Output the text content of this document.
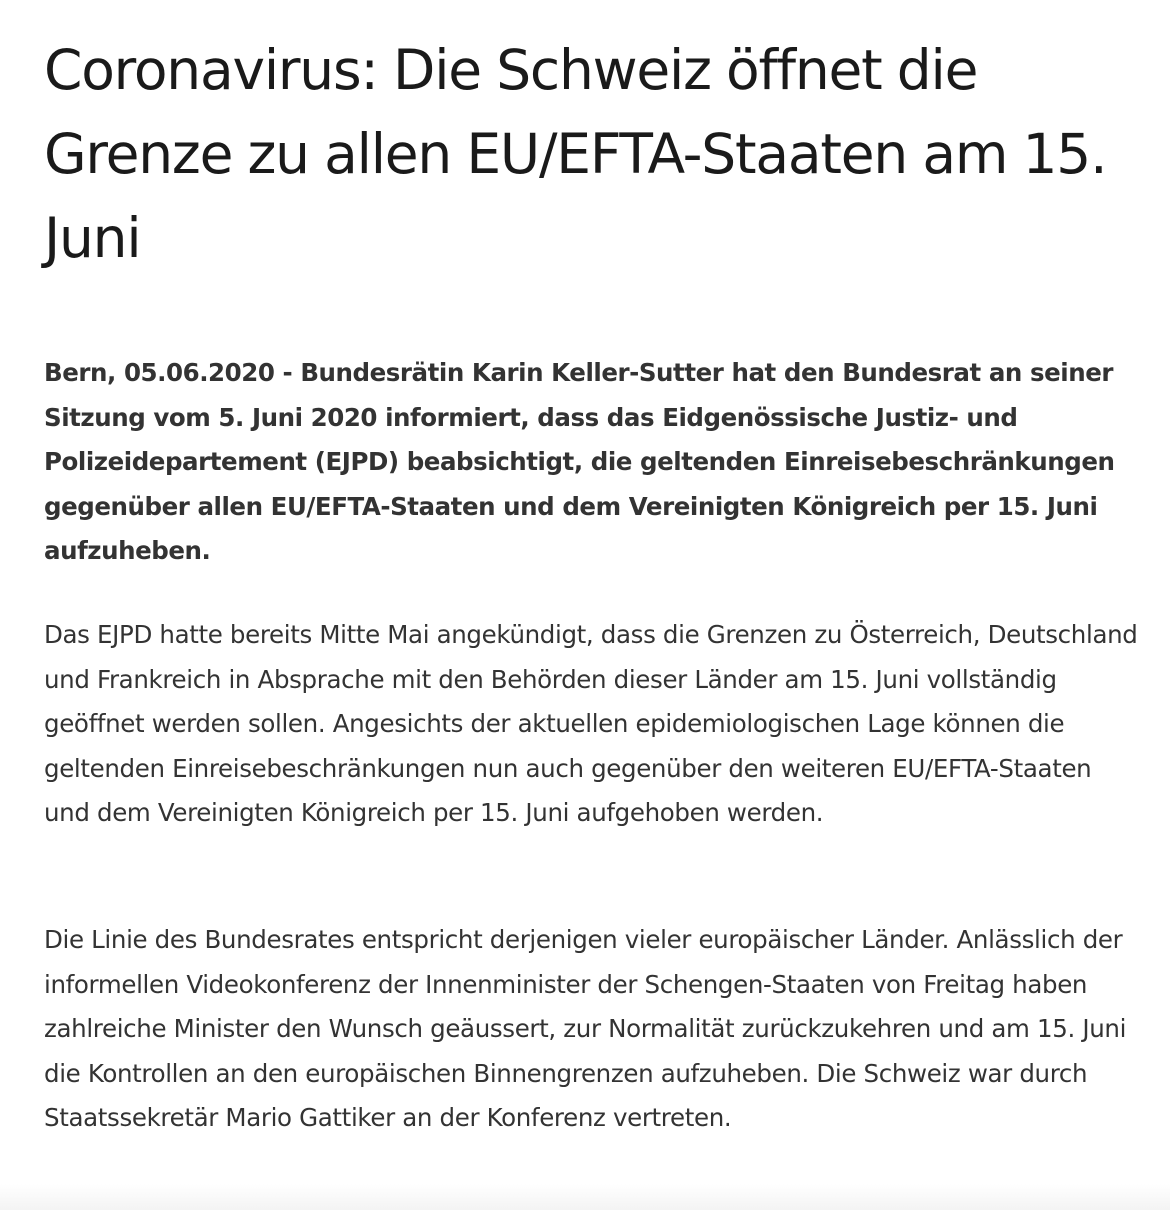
Coronavirus: Die Schweiz öffnet die Grenze zu allen EU/EFTA-Staaten am 15. Juni

Bern, 05.06.2020 - Bundesrätin Karin Keller-Sutter hat den Bundesrat an seiner Sitzung vom 5. Juni 2020 informiert, dass das Eidgenössische Justiz- und Polizeidepartement (EJPD) beabsichtigt, die geltenden Einreisebeschränkungen gegenüber allen EU/EFTA-Staaten und dem Vereinigten Königreich per 15. Juni aufzuheben.

Das EJPD hatte bereits Mitte Mai angekündigt, dass die Grenzen zu Österreich, Deutschland und Frankreich in Absprache mit den Behörden dieser Länder am 15. Juni vollständig geöffnet werden sollen. Angesichts der aktuellen epidemiologischen Lage können die geltenden Einreisebeschränkungen nun auch gegenüber den weiteren EU/EFTA-Staaten und dem Vereinigten Königreich per 15. Juni aufgehoben werden.

Die Linie des Bundesrates entspricht derjenigen vieler europäischer Länder. Anlässlich der informellen Videokonferenz der Innenminister der Schengen-Staaten von Freitag haben zahlreiche Minister den Wunsch geäussert, zur Normalität zurückzukehren und am 15. Juni die Kontrollen an den europäischen Binnengrenzen aufzuheben. Die Schweiz war durch Staatssekretär Mario Gattiker an der Konferenz vertreten.
